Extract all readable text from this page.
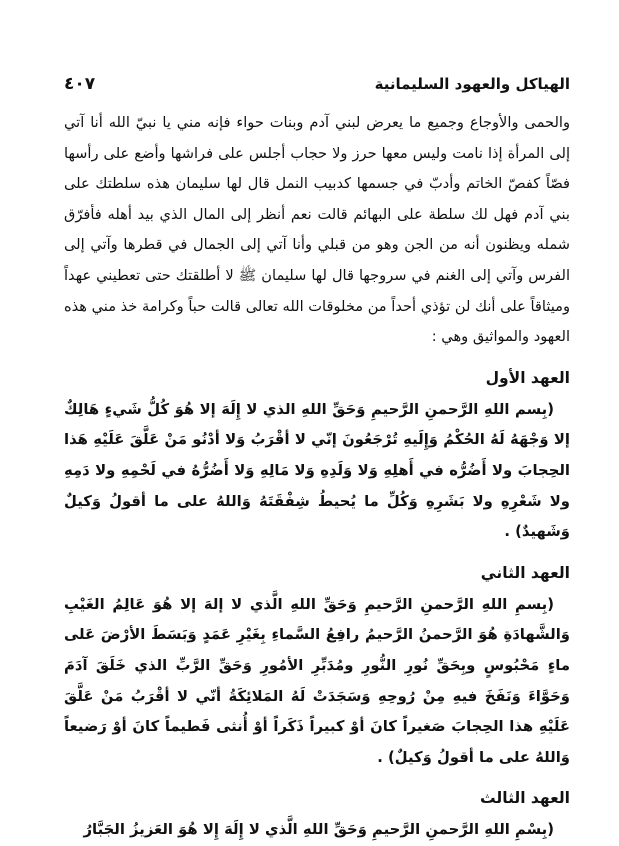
الهياكل والعهود السليمانية
٤٠٧

والحمى والأوجاع وجميع ما يعرض لبني آدم وبنات حواء فإنه مني يا نبيّ الله أنا آتي إلى المرأة إذا نامت وليس معها حرز ولا حجاب أجلس على فراشها وأضع على رأسها فصّاً كفصّ الخاتم وأدبّ في جسمها كدبيب النمل قال لها سليمان هذه سلطتك على بني آدم فهل لك سلطة على البهائم قالت نعم أنظر إلى المال الذي بيد أهله فأفرّق شمله ويظنون أنه من الجن وهو من قبلي وأنا آتي إلى الجمال في قطرها وآتي إلى الفرس وآتي إلى الغنم في سروجها قال لها سليمان ﷺ لا أطلقتك حتى تعطيني عهداً وميثاقاً على أنك لن تؤذي أحداً من مخلوقات الله تعالى قالت حباً وكرامة خذ مني هذه العهود والمواثيق وهي :

العهد الأول

(بِسم اللهِ الرَّحمنِ الرَّحيمِ وَحَقِّ اللهِ الذي لا إِلَهَ إلا هُوَ كُلُّ شَيءٍ هَالِكٌ إلا وَجْهَهُ لَهُ الحُكْمُ وَإِلَيهِ تُرْجَعُونَ إنّي لا أقْرَبُ وَلا أدْنُو مَنْ عَلَّقَ عَلَيْهِ هَذا الحِجابَ ولا أَضُرُّه في أَهلِهِ وَلا وَلَدِهِ وَلا مَالِهِ وَلا أَضُرُّهُ في لَحْمِهِ ولا دَمِهِ ولا شَعْرِهِ ولا بَشَرِهِ وَكُلِّ ما يُحيطُ شِفْقَتَهُ وَاللهُ على ما أقولُ وَكيلٌ وَشَهيدٌ) .

العهد الثاني

(بِسمِ اللهِ الرَّحمنِ الرَّحيمِ وَحَقِّ اللهِ الَّذي لا إلهَ إلا هُوَ عَالِمُ الغَيْبِ وَالشَّهادَةِ هُوَ الرَّحمنُ الرَّحيمُ رافِعُ السَّماءِ بِغَيْرِ عَمَدٍ وَبَسَطَ الأرْضَ عَلى ماءٍ مَحْبُوسٍ وبِحَقِّ نُورِ النُّورِ ومُدَبِّرِ الأمُورِ وَحَقِّ الرَّبِّ الذي خَلَقَ آدَمَ وَحَوَّاءَ وَنَفَخَ فيهِ مِنْ رُوحِهِ وَسَجَدَتْ لَهُ المَلائِكَةُ أنّي لا أقْرَبُ مَنْ عَلَّقَ عَلَيْهِ هذا الحِجابَ صَغيراً كانَ أوْ كبيراً ذَكَراً أوْ أُنثى فَطيماً كانَ أوْ رَضيعاً وَاللهُ على ما أقولُ وَكيلٌ) .

العهد الثالث

(بِسْمِ اللهِ الرَّحمنِ الرَّحيمِ وَحَقِّ اللهِ الَّذي لا إِلَهَ إِلا هُوَ العَزيزُ الجَبَّارُ
